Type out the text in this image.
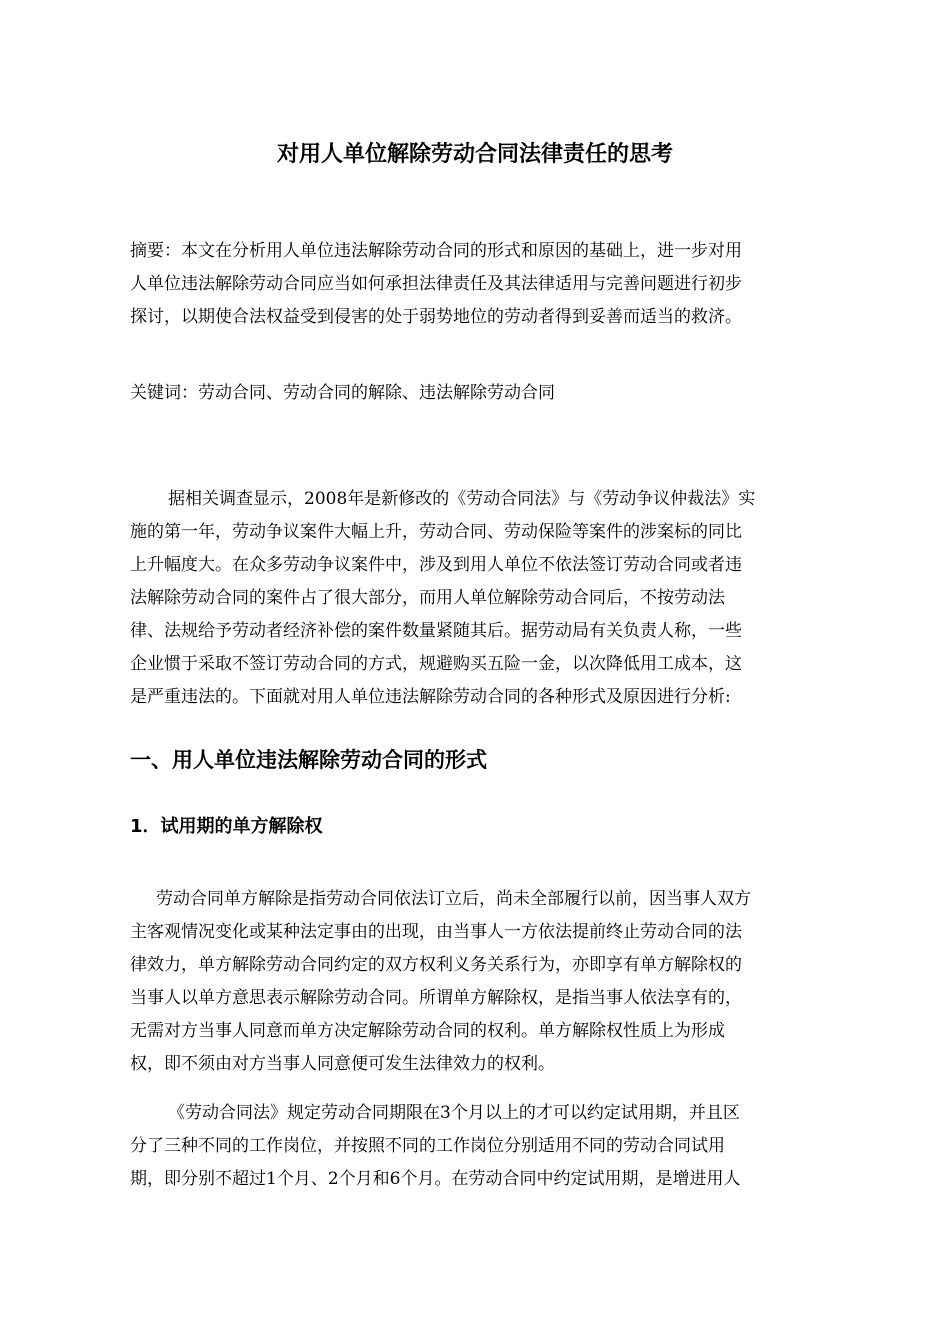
对用人单位解除劳动合同法律责任的思考
摘要：本文在分析用人单位违法解除劳动合同的形式和原因的基础上，进一步对用
人单位违法解除劳动合同应当如何承担法律责任及其法律适用与完善问题进行初步
探讨，以期使合法权益受到侵害的处于弱势地位的劳动者得到妥善而适当的救济。
关键词：劳动合同、劳动合同的解除、违法解除劳动合同
据相关调查显示，2008年是新修改的《劳动合同法》与《劳动争议仲裁法》实
施的第一年，劳动争议案件大幅上升，劳动合同、劳动保险等案件的涉案标的同比
上升幅度大。在众多劳动争议案件中，涉及到用人单位不依法签订劳动合同或者违
法解除劳动合同的案件占了很大部分，而用人单位解除劳动合同后，不按劳动法
律、法规给予劳动者经济补偿的案件数量紧随其后。据劳动局有关负责人称，一些
企业惯于采取不签订劳动合同的方式，规避购买五险一金，以次降低用工成本，这
是严重违法的。下面就对用人单位违法解除劳动合同的各种形式及原因进行分析:
一、用人单位违法解除劳动合同的形式
1．试用期的单方解除权
劳动合同单方解除是指劳动合同依法订立后，尚未全部履行以前，因当事人双方
主客观情况变化或某种法定事由的出现，由当事人一方依法提前终止劳动合同的法
律效力，单方解除劳动合同约定的双方权利义务关系行为，亦即享有单方解除权的
当事人以单方意思表示解除劳动合同。所谓单方解除权，是指当事人依法享有的，
无需对方当事人同意而单方决定解除劳动合同的权利。单方解除权性质上为形成
权，即不须由对方当事人同意便可发生法律效力的权利。
《劳动合同法》规定劳动合同期限在3个月以上的才可以约定试用期，并且区
分了三种不同的工作岗位，并按照不同的工作岗位分别适用不同的劳动合同试用
期，即分别不超过1个月、2个月和6个月。在劳动合同中约定试用期，是增进用人
